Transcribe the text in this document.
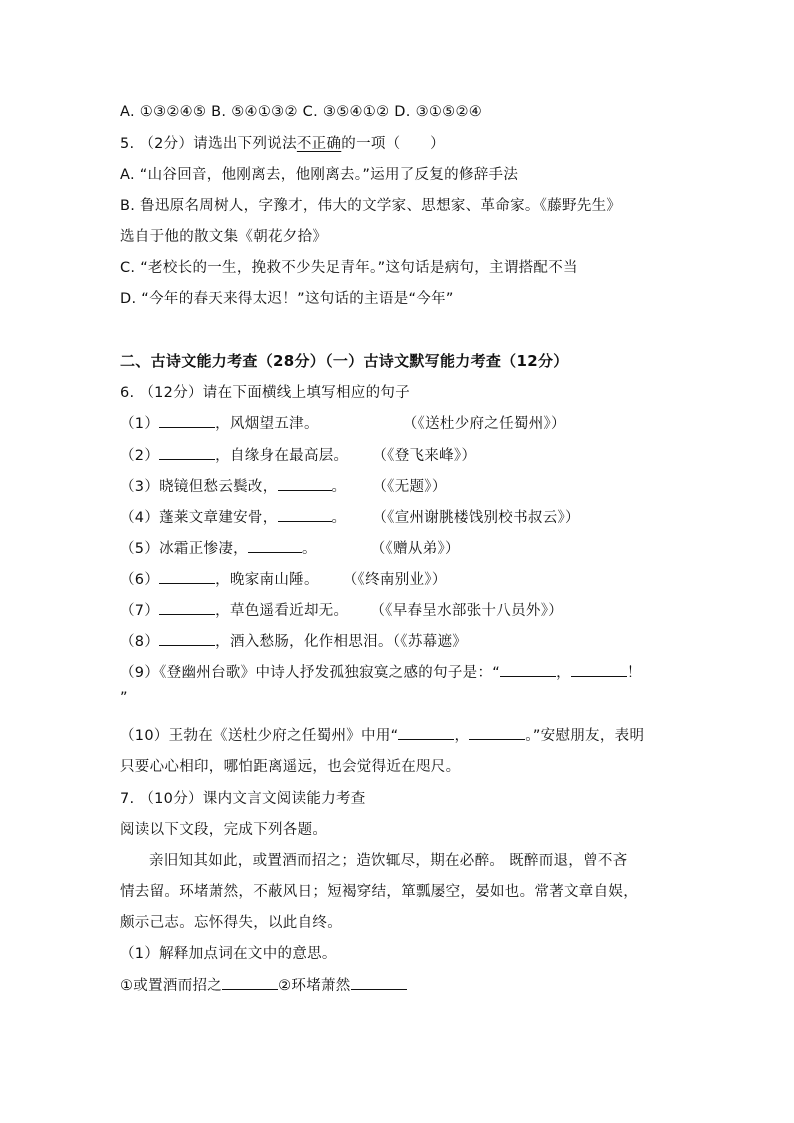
A. ①③②④⑤ B. ⑤④①③② C. ③⑤④①② D. ③①⑤②④

5. （2分）请选出下列说法不正确的一项（　　）

A. “山谷回音，他刚离去，他刚离去。”运用了反复的修辞手法

B. 鲁迅原名周树人，字豫才，伟大的文学家、思想家、革命家。《藤野先生》

选自于他的散文集《朝花夕拾》

C. “老校长的一生，挽救不少失足青年。”这句话是病句，主谓搭配不当

D. “今年的春天来得太迟！”这句话的主语是“今年”

二、古诗文能力考查（28分）（一）古诗文默写能力考查（12分）

6. （12分）请在下面横线上填写相应的句子

（1）	，风烟望五津。	（《送杜少府之任蜀州》）

（2）	，自缘身在最高层。 （《登飞来峰》）

（3）晓镜但愁云鬓改，	。 （《无题》）

（4）蓬莱文章建安骨，	。 （《宣州谢朓楼饯别校书叔云》）

（5）冰霜正惨凄，	。	（《赠从弟》）

（6）	，晚家南山陲。 （《终南别业》）

（7）	，草色遥看近却无。 （《早春呈水部张十八员外》）

（8）	，酒入愁肠，化作相思泪。（《苏幕遮》

（9）《登幽州台歌》中诗人抒发孤独寂寞之感的句子是：“	，	！

”

（10）王勃在《送杜少府之任蜀州》中用“	，	。”安慰朋友，表明

只要心心相印，哪怕距离遥远，也会觉得近在咫尺。

7. （10分）课内文言文阅读能力考查

阅读以下文段，完成下列各题。

亲旧知其如此，或置酒而招之；造饮辄尽，期在必醉。 既醉而退，曾不吝

情去留。环堵萧然，不蔽风日；短褐穿结，箪瓢屡空，晏如也。常著文章自娱，

颇示己志。忘怀得失，以此自终。

（1）解释加点词在文中的意思。

①或置酒而招之	②环堵萧然
